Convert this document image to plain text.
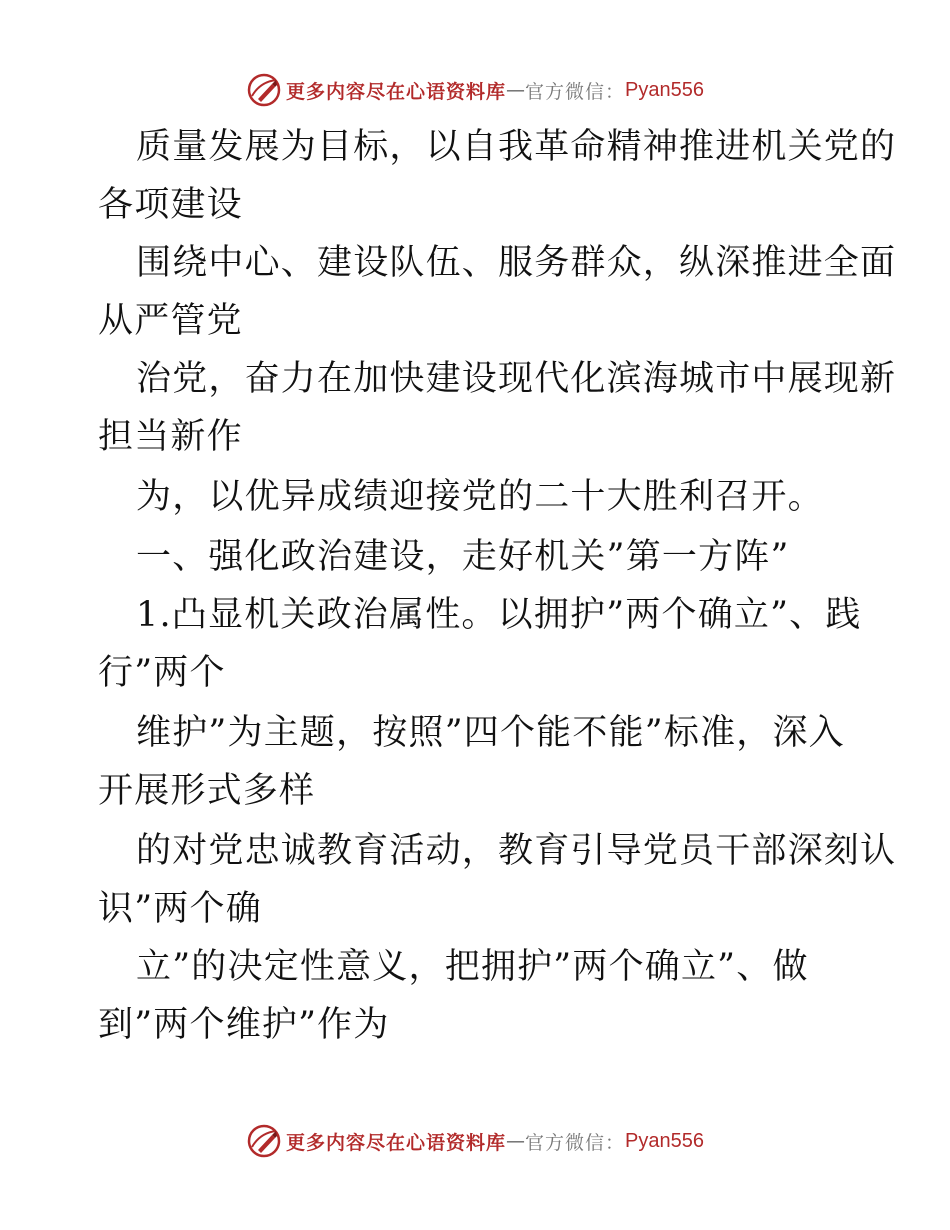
更多内容尽在心语资料库 — 官方微信： Pyan556
质量发展为目标，以自我革命精神推进机关党的
各项建设
围绕中心、建设队伍、服务群众，纵深推进全面
从严管党
治党，奋力在加快建设现代化滨海城市中展现新
担当新作
为，以优异成绩迎接党的二十大胜利召开。
一、强化政治建设，走好机关”第一方阵”
1.凸显机关政治属性。以拥护”两个确立”、践
行”两个
维护”为主题，按照”四个能不能”标准，深入
开展形式多样
的对党忠诚教育活动，教育引导党员干部深刻认
识”两个确
立”的决定性意义，把拥护”两个确立”、做
到”两个维护”作为
更多内容尽在心语资料库 — 官方微信： Pyan556
